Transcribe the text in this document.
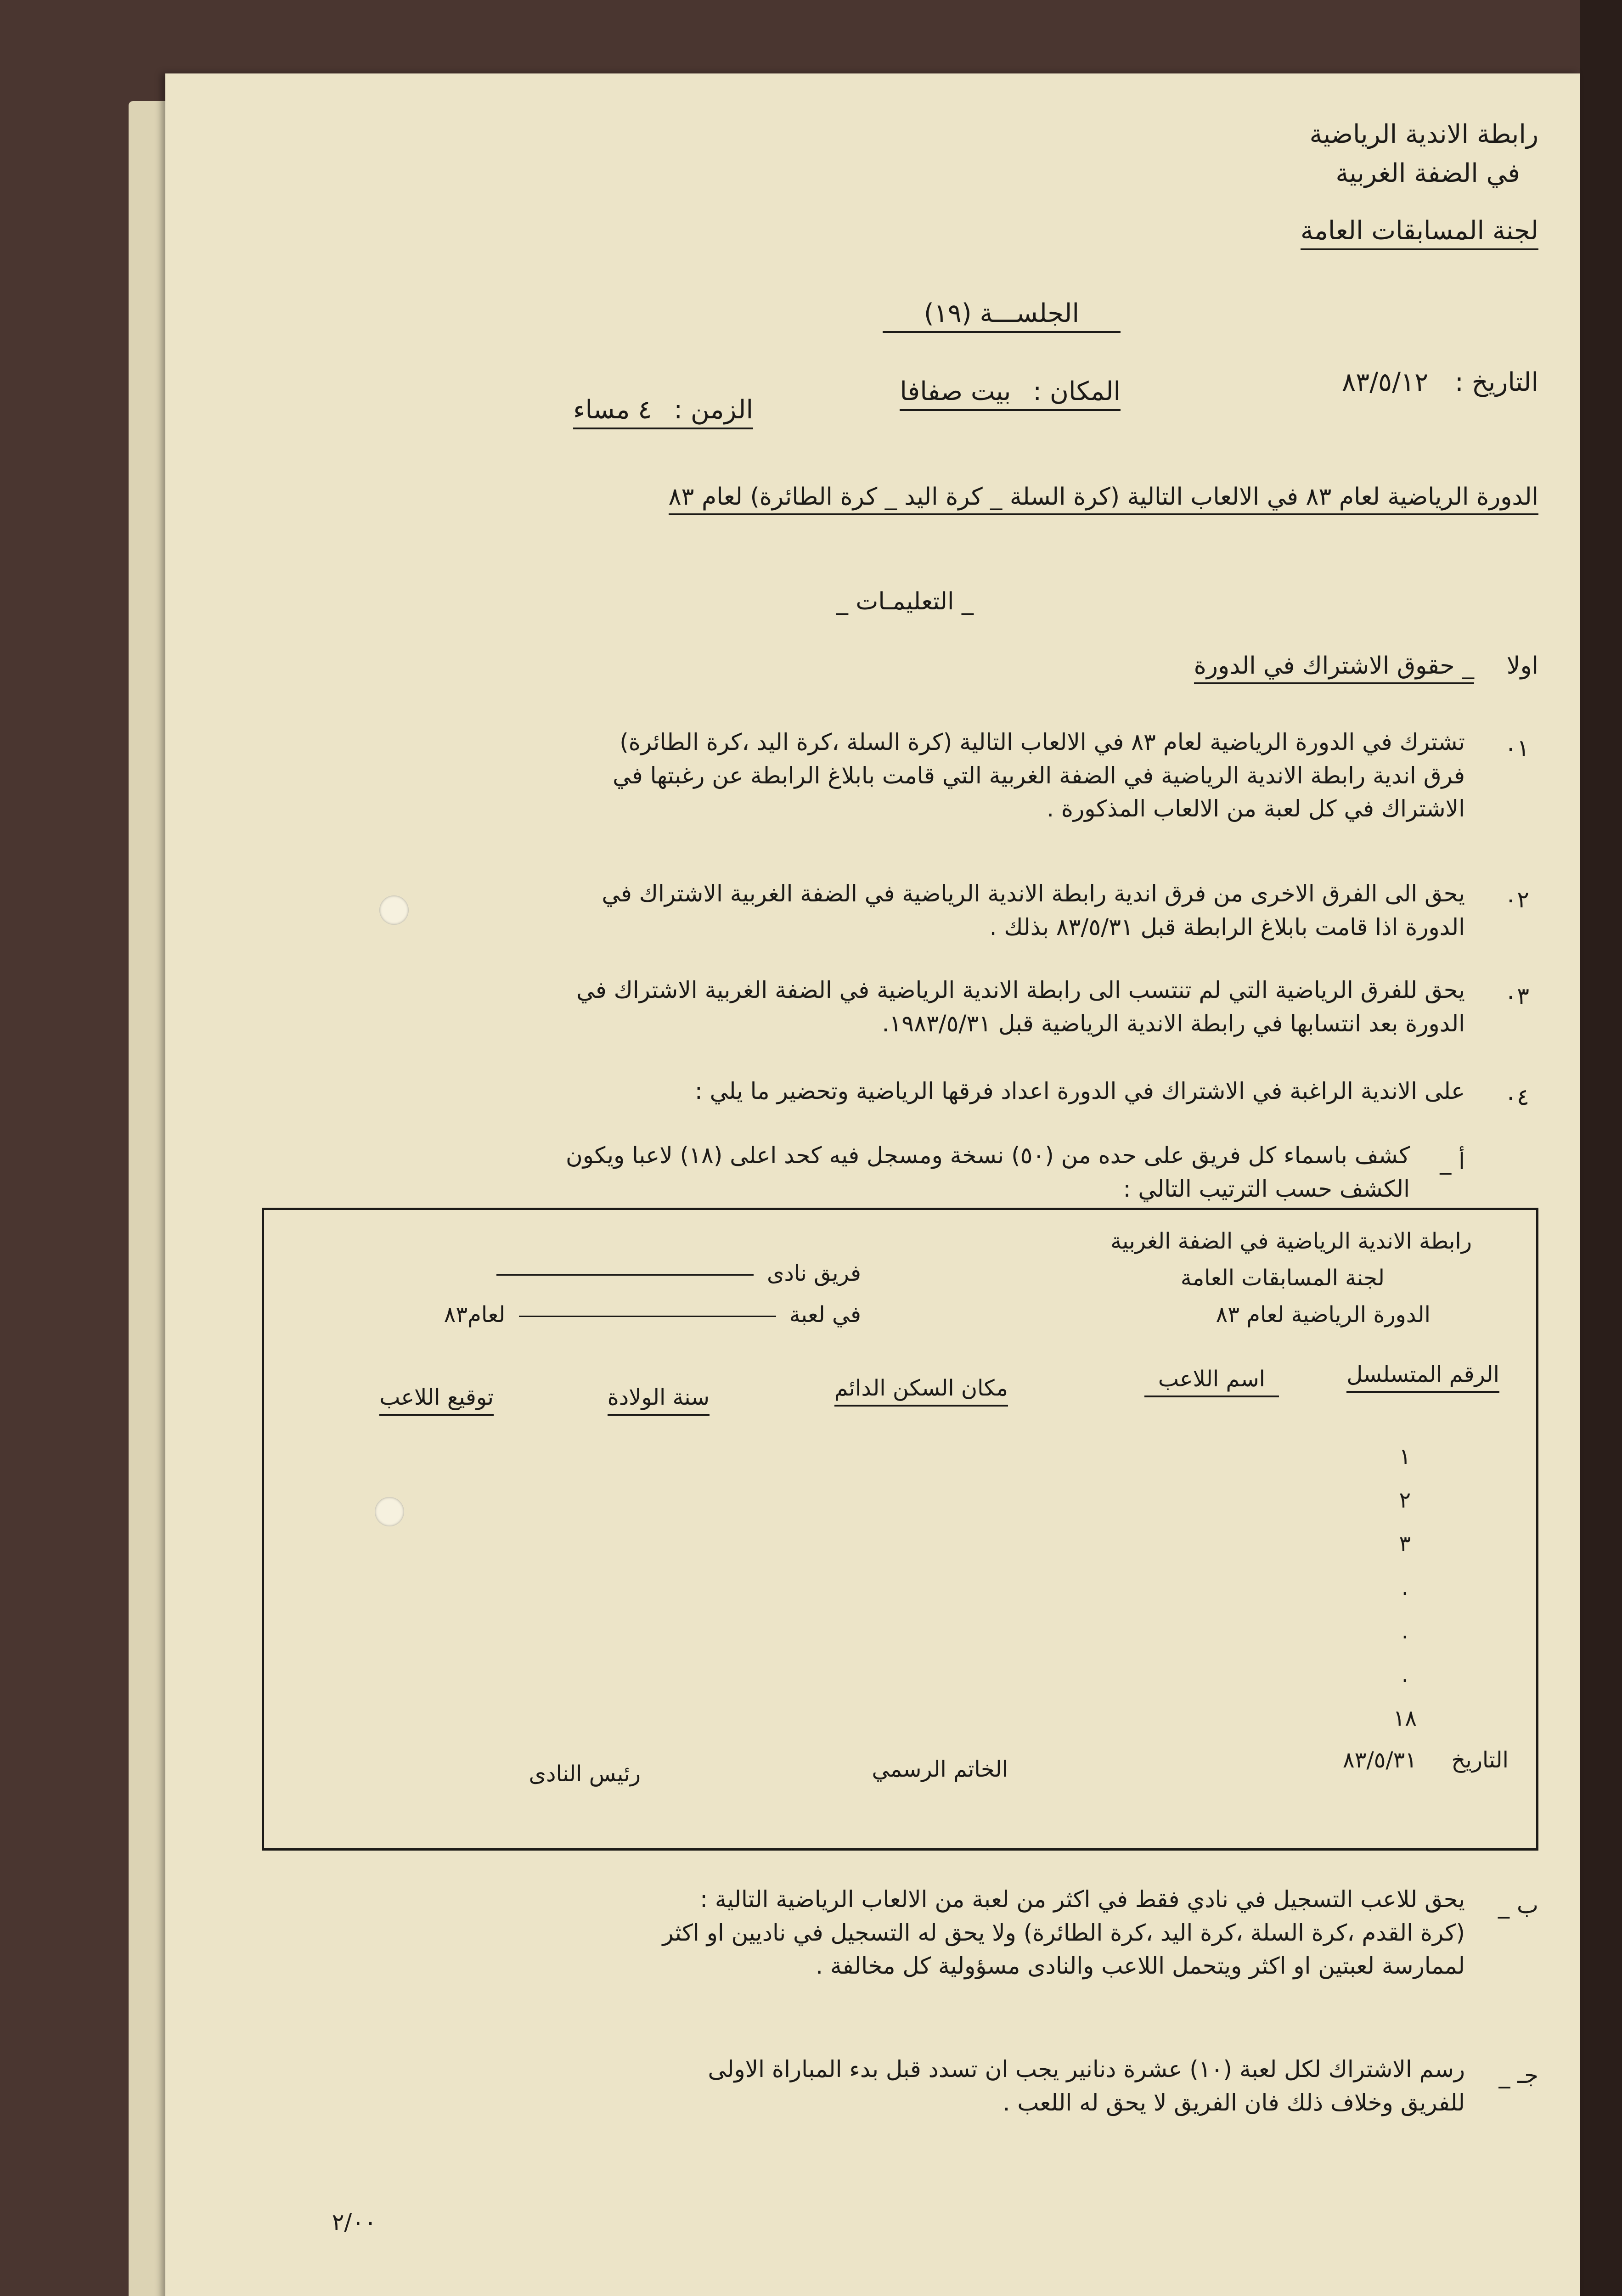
رابطة الاندية الرياضية
في الضفة الغربية
لجنة المسابقات العامة
الجلســـة (١٩)
التاريخ : ٨٣/٥/١٢
المكان : بيت صفافا
الزمن : ٤ مساء
الدورة الرياضية لعام ٨٣ في الالعاب التالية (كرة السلة _ كرة اليد _ كرة الطائرة) لعام ٨٣
_ التعليمـات _
اولا
_ حقوق الاشتراك في الدورة
٠١
تشترك في الدورة الرياضية لعام ٨٣ في الالعاب التالية (كرة السلة ،كرة اليد ،كرة الطائرة)
فرق اندية رابطة الاندية الرياضية في الضفة الغربية التي قامت بابلاغ الرابطة عن رغبتها في
الاشتراك في كل لعبة من الالعاب المذكورة .
٠٢
يحق الى الفرق الاخرى من فرق اندية رابطة الاندية الرياضية في الضفة الغربية الاشتراك في
الدورة اذا قامت بابلاغ الرابطة قبل ٨٣/٥/٣١ بذلك .
٠٣
يحق للفرق الرياضية التي لم تنتسب الى رابطة الاندية الرياضية في الضفة الغربية الاشتراك في
الدورة بعد انتسابها في رابطة الاندية الرياضية قبل ١٩٨٣/٥/٣١.
٠٤
على الاندية الراغبة في الاشتراك في الدورة اعداد فرقها الرياضية وتحضير ما يلي :
أ _
كشف باسماء كل فريق على حده من (٥٠) نسخة ومسجل فيه كحد اعلى (١٨) لاعبا ويكون
الكشف حسب الترتيب التالي :
رابطة الاندية الرياضية في الضفة الغربية
لجنة المسابقات العامة
الدورة الرياضية لعام ٨٣
فريق نادى
في لعبة  لعام٨٣
الرقم المتسلسل
اسم اللاعب
مكان السكن الدائم
سنة الولادة
توقيع اللاعب
١
٢
٣
.
.
.
١٨
التاريخ ٨٣/٥/٣١
الخاتم الرسمي
رئيس النادى
ب _
يحق للاعب التسجيل في نادي فقط في اكثر من لعبة من الالعاب الرياضية التالية :
(كرة القدم ،كرة السلة ،كرة اليد ،كرة الطائرة) ولا يحق له التسجيل في ناديين او اكثر
لممارسة لعبتين او اكثر ويتحمل اللاعب والنادى مسؤولية كل مخالفة .
جـ _
رسم الاشتراك لكل لعبة (١٠) عشرة دنانير يجب ان تسدد قبل بدء المباراة الاولى
للفريق وخلاف ذلك فان الفريق لا يحق له اللعب .
٢/٠٠
